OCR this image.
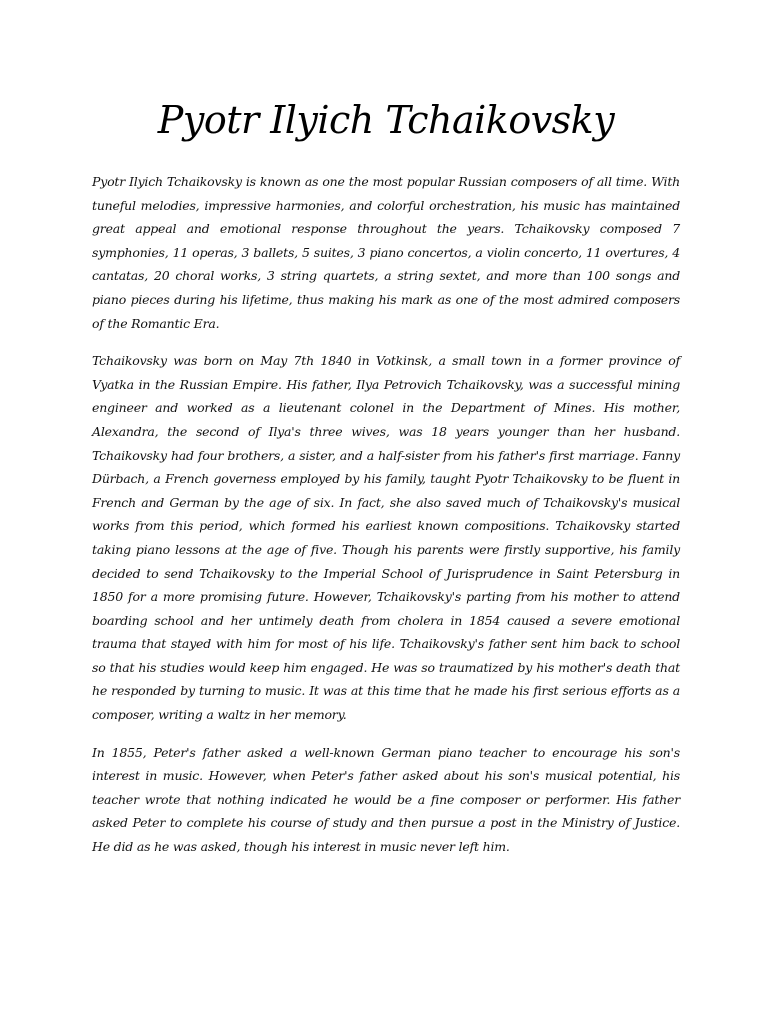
Pyotr Ilyich Tchaikovsky

Pyotr Ilyich Tchaikovsky is known as one the most popular Russian composers of all time. With tuneful melodies, impressive harmonies, and colorful orchestration, his music has maintained great appeal and emotional response throughout the years. Tchaikovsky composed 7 symphonies, 11 operas, 3 ballets, 5 suites, 3 piano concertos, a violin concerto, 11 overtures, 4 cantatas, 20 choral works, 3 string quartets, a string sextet, and more than 100 songs and piano pieces during his lifetime, thus making his mark as one of the most admired composers of the Romantic Era.

Tchaikovsky was born on May 7th 1840 in Votkinsk, a small town in a former province of Vyatka in the Russian Empire. His father, Ilya Petrovich Tchaikovsky, was a successful mining engineer and worked as a lieutenant colonel in the Department of Mines. His mother, Alexandra, the second of Ilya's three wives, was 18 years younger than her husband. Tchaikovsky had four brothers, a sister, and a half-sister from his father's first marriage. Fanny Dürbach, a French governess employed by his family, taught Pyotr Tchaikovsky to be fluent in French and German by the age of six. In fact, she also saved much of Tchaikovsky's musical works from this period, which formed his earliest known compositions. Tchaikovsky started taking piano lessons at the age of five. Though his parents were firstly supportive, his family decided to send Tchaikovsky to the Imperial School of Jurisprudence in Saint Petersburg in 1850 for a more promising future. However, Tchaikovsky's parting from his mother to attend boarding school and her untimely death from cholera in 1854 caused a severe emotional trauma that stayed with him for most of his life. Tchaikovsky's father sent him back to school so that his studies would keep him engaged. He was so traumatized by his mother's death that he responded by turning to music. It was at this time that he made his first serious efforts as a composer, writing a waltz in her memory.

In 1855, Peter's father asked a well-known German piano teacher to encourage his son's interest in music. However, when Peter's father asked about his son's musical potential, his teacher wrote that nothing indicated he would be a fine composer or performer. His father asked Peter to complete his course of study and then pursue a post in the Ministry of Justice. He did as he was asked, though his interest in music never left him.
